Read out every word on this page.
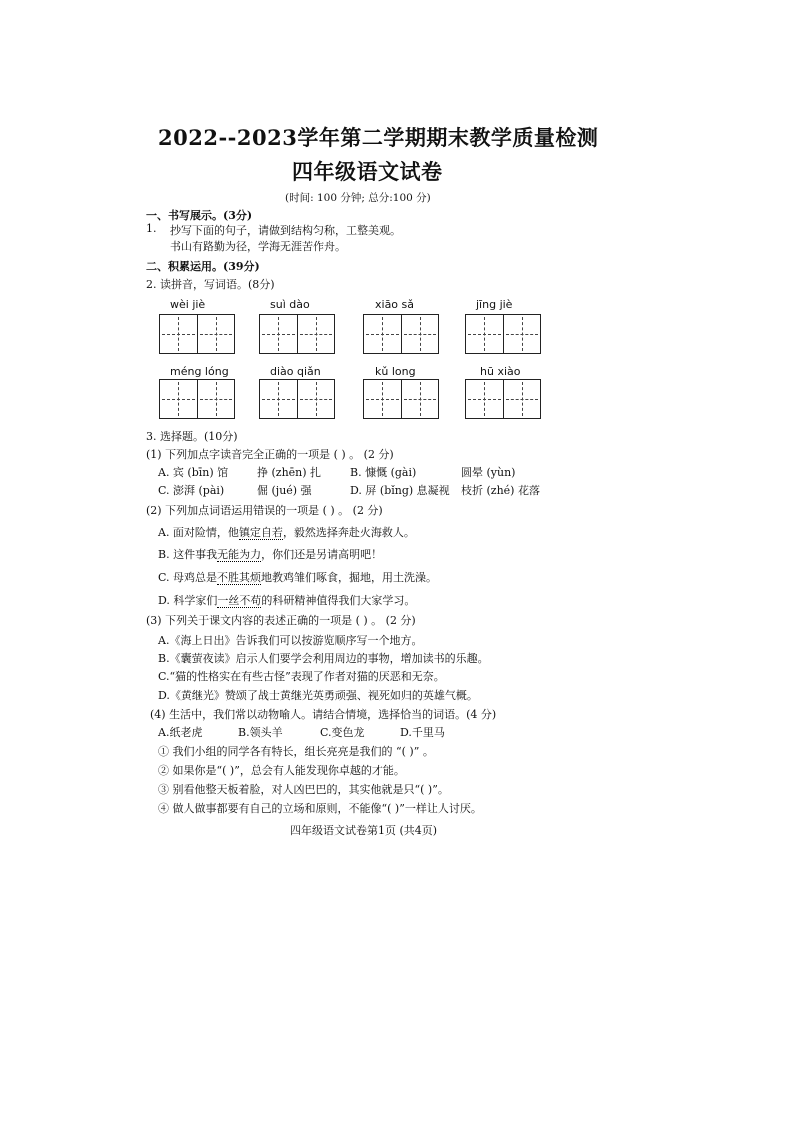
2022--2023学年第二学期期末教学质量检测
四年级语文试卷
(时间: 100 分钟; 总分:100 分)
一、书写展示。(3分)
1. 抄写下面的句子，请做到结构匀称，工整美观。
书山有路勤为径，学海无涯苦作舟。
二、积累运用。(39分)
2. 读拼音，写词语。(8分)
wèi jiè	suì dào	xiāo sǎ	jīng jiè
méng lóng	diào qiǎn	kǔ long	hū xiào
3. 选择题。(10分)
(1) 下列加点字读音完全正确的一项是 ( ) 。 (2 分)
A. 宾 (bīn) 馆	挣 (zhēn) 扎	B. 慷慨 (gài)	圆晕 (yùn)
C. 澎湃 (pài)	倔 (jué) 强	D. 屏 (bǐng) 息凝视 枝折 (zhé) 花落
(2) 下列加点词语运用错误的一项是 ( ) 。 (2 分)
A. 面对险情，他镇定自若，毅然选择奔赴火海救人。
B. 这件事我无能为力，你们还是另请高明吧！
C. 母鸡总是不胜其烦地教鸡雏们啄食，掘地，用土洗澡。
D. 科学家们一丝不苟的科研精神值得我们大家学习。
(3) 下列关于课文内容的表述正确的一项是 ( ) 。 (2 分)
A.《海上日出》告诉我们可以按游览顺序写一个地方。
B.《囊萤夜读》启示人们要学会利用周边的事物，增加读书的乐趣。
C.“猫的性格实在有些古怪”表现了作者对猫的厌恶和无奈。
D.《黄继光》赞颂了战士黄继光英勇顽强、视死如归的英雄气概。
(4) 生活中，我们常以动物喻人。请结合情境，选择恰当的词语。(4 分)
A.纸老虎	B.领头羊	C.变色龙	D.千里马
① 我们小组的同学各有特长，组长亮亮是我们的 “( )” 。
② 如果你是“( )”，总会有人能发现你卓越的才能。
③ 别看他整天板着脸，对人凶巴巴的，其实他就是只“( )”。
④ 做人做事都要有自己的立场和原则，不能像“( )”一样让人讨厌。
四年级语文试卷第1页 (共4页)
